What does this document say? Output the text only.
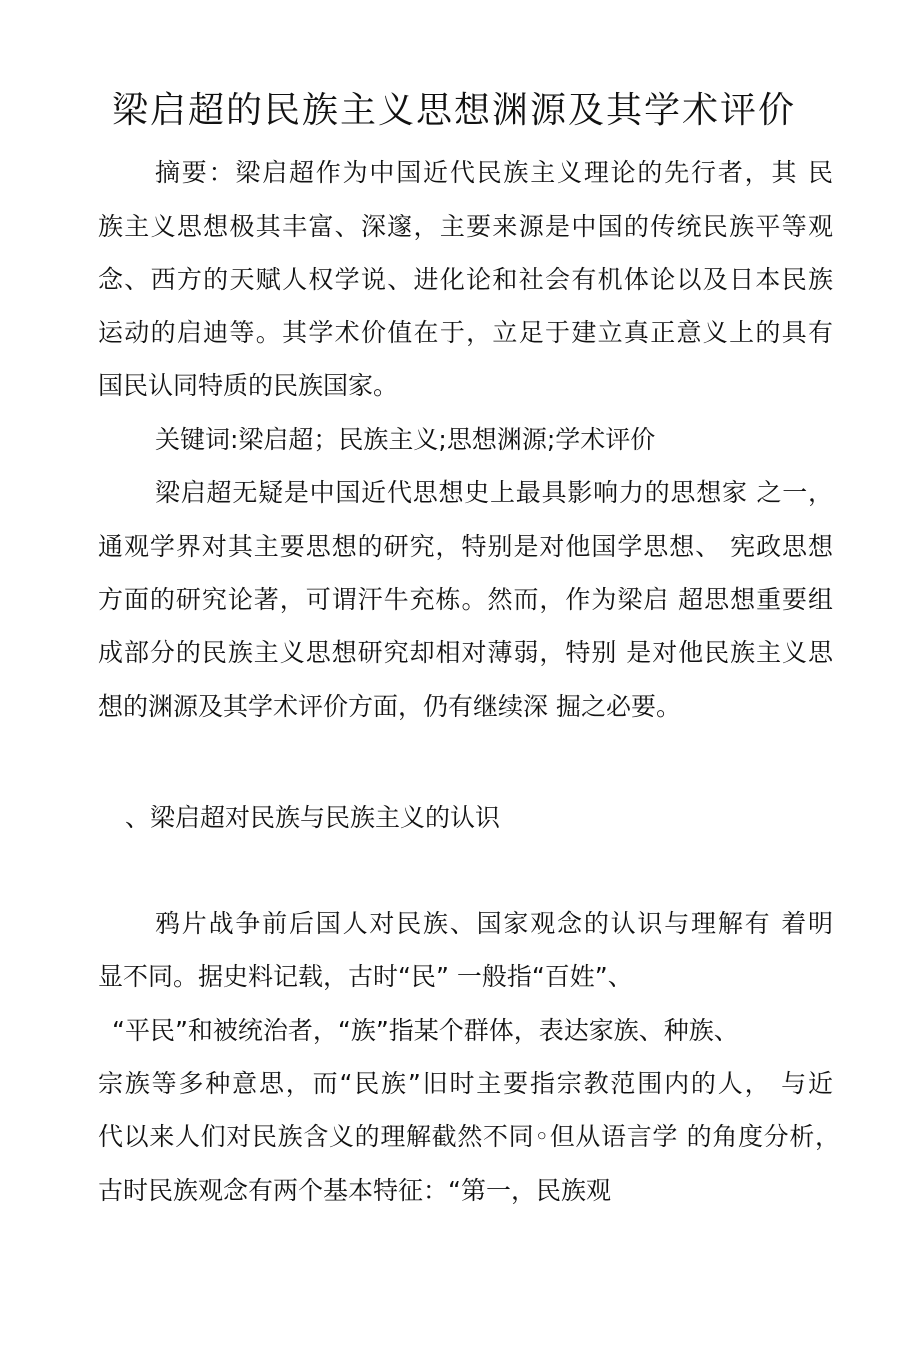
梁启超的民族主义思想渊源及其学术评价
摘要：梁启超作为中国近代民族主义理论的先行者，其 民
族主义思想极其丰富、深邃，主要来源是中国的传统民族平等观
念、西方的天赋人权学说、进化论和社会有机体论以及日本民族
运动的启迪等。其学术价值在于，立足于建立真正意义上的具有
国民认同特质的民族国家。
关键词:梁启超；民族主义;思想渊源;学术评价
梁启超无疑是中国近代思想史上最具影响力的思想家 之一，
通观学界对其主要思想的研究，特别是对他国学思想、 宪政思想
方面的研究论著，可谓汗牛充栋。然而，作为梁启 超思想重要组
成部分的民族主义思想研究却相对薄弱，特别 是对他民族主义思
想的渊源及其学术评价方面，仍有继续深 掘之必要。
、梁启超对民族与民族主义的认识
鸦片战争前后国人对民族、国家观念的认识与理解有 着明
显不同。据史料记载，古时“民” 一般指“百姓”、
“平民”和被统治者，“族”指某个群体，表达家族、种族、
宗族等多种意思，而“民族”旧时主要指宗教范围内的人， 与近
代以来人们对民族含义的理解截然不同◦但从语言学 的角度分析，
古时民族观念有两个基本特征：“第一，民族观
